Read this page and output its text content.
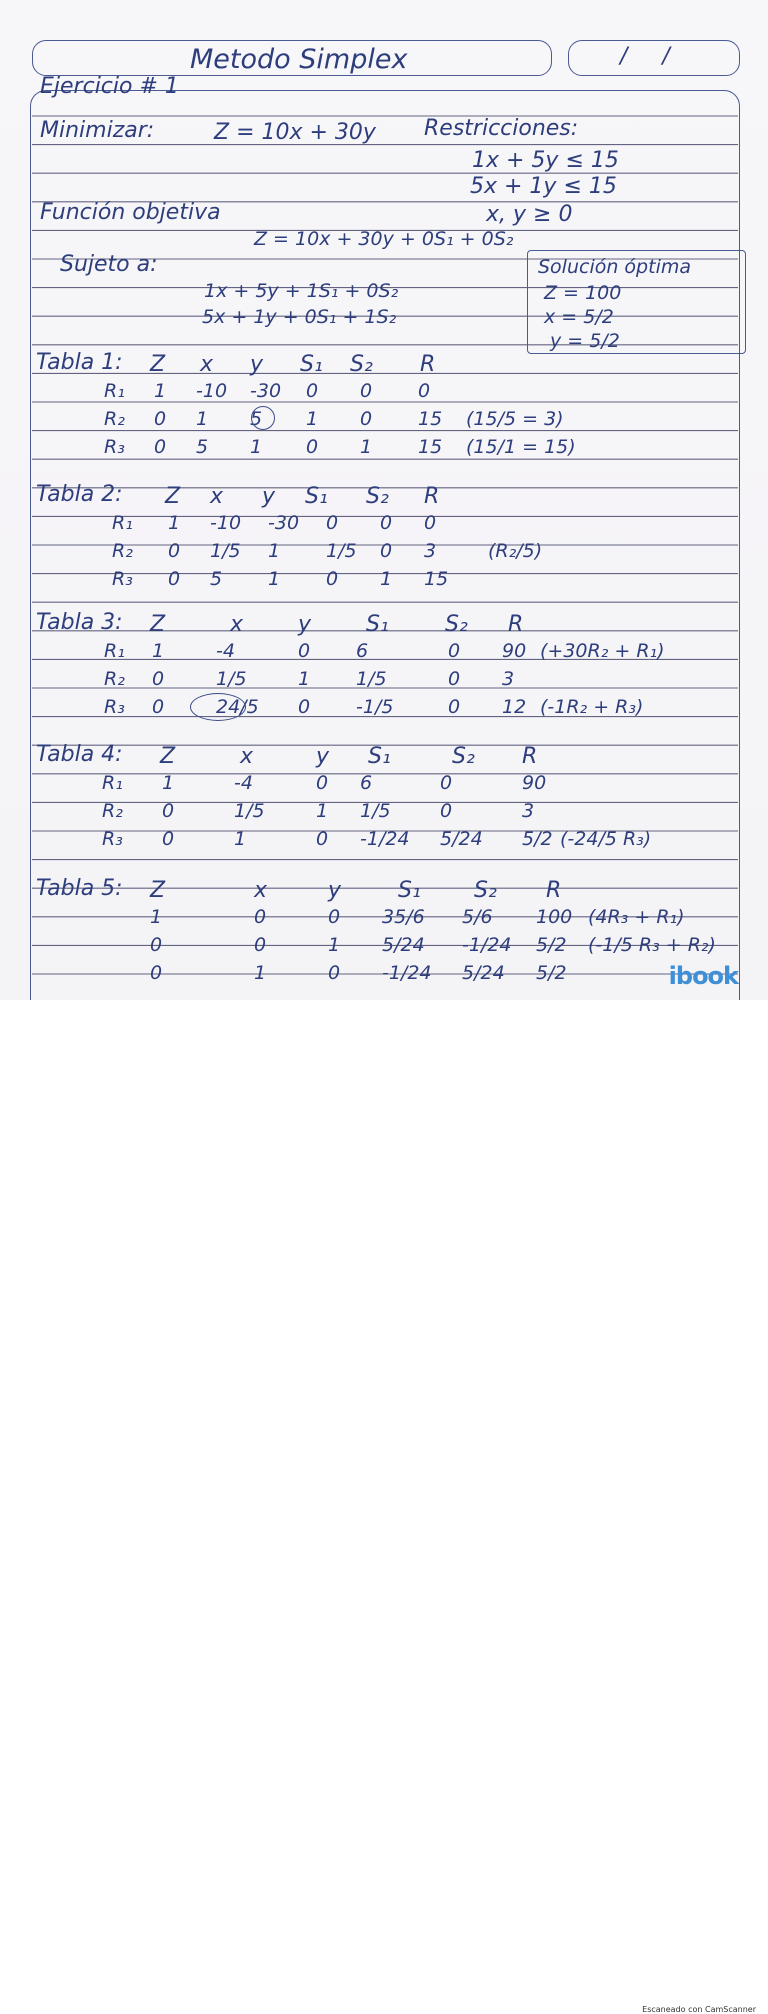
Metodo Simplex	/     /
Ejercicio # 1
Minimizar:	Z = 10x + 30y Restricciones:
1x + 5y ≤ 15
5x + 1y ≤ 15
x, y ≥ 0
Función objetiva
Z = 10x + 30y + 0S₁ + 0S₂
Sujeto a:
1x + 5y + 1S₁ + 0S₂
5x + 1y + 0S₁ + 1S₂
Solución óptima
Z = 100
x = 5/2
y = 5/2
Tabla 1: Z x y S₁ S₂ R
R₁ 1 -10 -30 0 0 0
R₂ 0 1 5 1 0 15 (15/5 = 3)
R₃ 0 5 1 0 1 15 (15/1 = 15)
Tabla 2: Z x y S₁ S₂ R
R₁ 1 -10 -30 0 0 0
R₂ 0 1/5 1 1/5 0 3	(R₂/5)
R₃ 0 5 1 0 1 15
Tabla 3: Z	x y S₁	S₂ R
R₁ 1	-4	0 6	0 90 (+30R₂ + R₁)
R₂ 0	1/5	1 1/5	0 3
R₃ 0	24/5 0 -1/5	0 12 (-1R₂ + R₃)
Tabla 4: Z	x	y S₁	S₂ R
R₁ 1	-4	0 6	0	90
R₂ 0	1/5	1 1/5	0	3
R₃ 0	1	0 -1/24 5/24 5/2 (-24/5 R₃)
Tabla 5: Z	x	y	S₁ S₂ R
1	0	0 35/6 5/6 100 (4R₃ + R₁)
0	0	1 5/24 -1/24 5/2 (-1/5 R₃ + R₂)
0	1	0 -1/24 5/24 5/2	ibook
Escaneado con CamScanner
